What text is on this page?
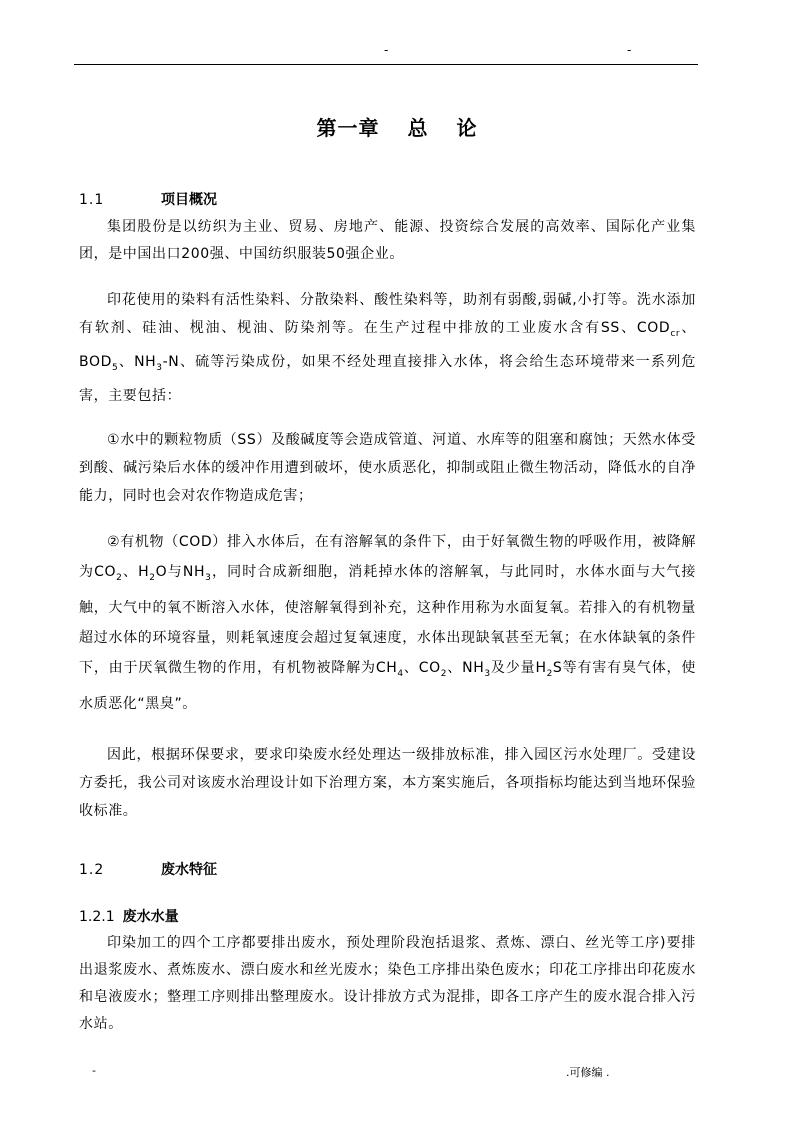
-	-
第一章 总 论
1.1	项目概况
集团股份是以纺织为主业、贸易、房地产、能源、投资综合发展的高效率、国际化产业集团，是中国出口200强、中国纺织服装50强企业。
印花使用的染料有活性染料、分散染料、酸性染料等，助剂有弱酸,弱碱,小打等。洗水添加有软剂、硅油、枧油、枧油、防染剂等。在生产过程中排放的工业废水含有SS、$COD_{cr}$、$BOD_5$、$NH_3-N$、硫等污染成份，如果不经处理直接排入水体，将会给生态环境带来一系列危害，主要包括：
①水中的颗粒物质（SS）及酸碱度等会造成管道、河道、水库等的阻塞和腐蚀；天然水体受到酸、碱污染后水体的缓冲作用遭到破坏，使水质恶化，抑制或阻止微生物活动，降低水的自净能力，同时也会对农作物造成危害；
②有机物（COD）排入水体后，在有溶解氧的条件下，由于好氧微生物的呼吸作用，被降解为$CO_2$、$H_2O$与$NH_3$，同时合成新细胞，消耗掉水体的溶解氧，与此同时，水体水面与大气接触，大气中的氧不断溶入水体，使溶解氧得到补充，这种作用称为水面复氧。若排入的有机物量超过水体的环境容量，则耗氧速度会超过复氧速度，水体出现缺氧甚至无氧；在水体缺氧的条件下，由于厌氧微生物的作用，有机物被降解为$CH_4$、$CO_2$、$NH_3$及少量$H_2S$等有害有臭气体，使水质恶化“黑臭”。
因此，根据环保要求，要求印染废水经处理达一级排放标准，排入园区污水处理厂。受建设方委托，我公司对该废水治理设计如下治理方案，本方案实施后，各项指标均能达到当地环保验收标准。
1.2	废水特征
1.2.1 废水水量
印染加工的四个工序都要排出废水，预处理阶段泡括退浆、煮炼、漂白、丝光等工序)要排出退浆废水、煮炼废水、漂白废水和丝光废水；染色工序排出染色废水；印花工序排出印花废水和皂液废水；整理工序则排出整理废水。设计排放方式为混排，即各工序产生的废水混合排入污水站。
-	.可修编 .
